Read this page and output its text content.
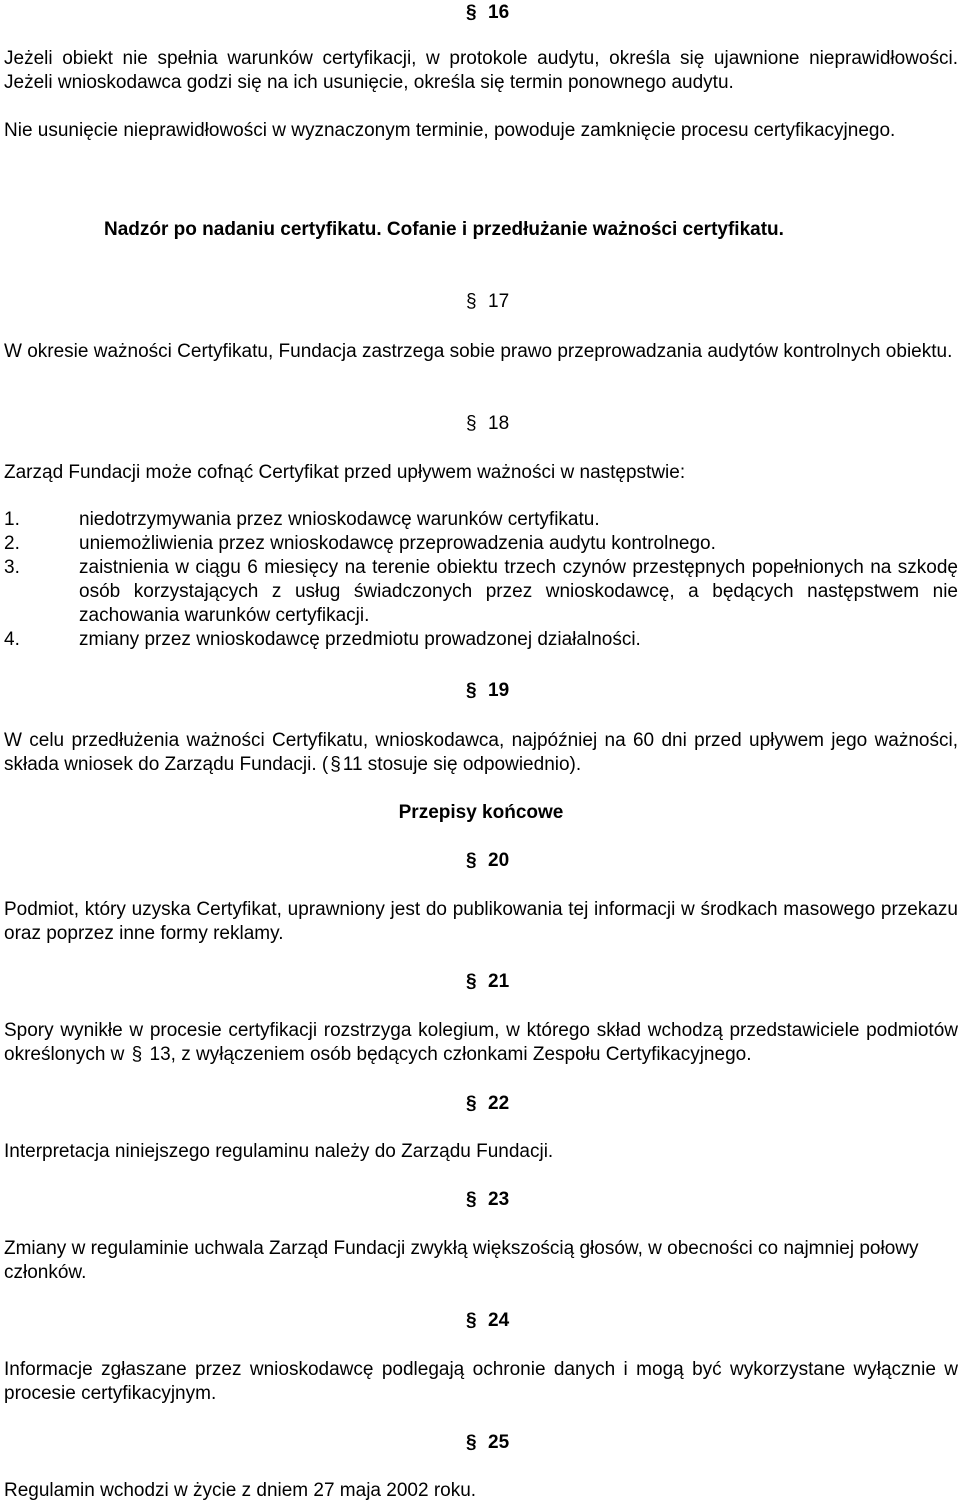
§ 16
Jeżeli obiekt nie spełnia warunków certyfikacji, w protokole audytu, określa się ujawnione nieprawidłowości. Jeżeli wnioskodawca godzi się na ich usunięcie, określa się termin ponownego audytu.
Nie usunięcie nieprawidłowości w wyznaczonym terminie, powoduje zamknięcie procesu certyfikacyjnego.
Nadzór po nadaniu certyfikatu. Cofanie i przedłużanie ważności certyfikatu.
§ 17
W okresie ważności Certyfikatu, Fundacja zastrzega sobie prawo przeprowadzania audytów kontrolnych obiektu.
§ 18
Zarząd Fundacji może cofnąć Certyfikat przed upływem ważności w następstwie:
1.	niedotrzymywania przez wnioskodawcę warunków certyfikatu.
2.	uniemożliwienia przez wnioskodawcę przeprowadzenia audytu kontrolnego.
3.	zaistnienia w ciągu 6 miesięcy na terenie obiektu trzech czynów przestępnych popełnionych na szkodę osób korzystających z usług świadczonych przez wnioskodawcę, a będących następstwem nie zachowania warunków certyfikacji.
4.	zmiany przez wnioskodawcę przedmiotu prowadzonej działalności.
§ 19
W celu przedłużenia ważności Certyfikatu, wnioskodawca, najpóźniej na 60 dni przed upływem jego ważności, składa wniosek do Zarządu Fundacji. ( § 11 stosuje się odpowiednio).
Przepisy końcowe
§ 20
Podmiot, który uzyska Certyfikat, uprawniony jest do publikowania tej informacji w środkach masowego przekazu oraz poprzez inne formy reklamy.
§ 21
Spory wynikłe w procesie certyfikacji rozstrzyga kolegium, w którego skład wchodzą przedstawiciele podmiotów określonych w § 13, z wyłączeniem osób będących członkami Zespołu Certyfikacyjnego.
§ 22
Interpretacja niniejszego regulaminu należy do Zarządu Fundacji.
§ 23
Zmiany w regulaminie uchwala Zarząd Fundacji zwykłą większością głosów, w obecności co najmniej połowy członków.
§ 24
Informacje zgłaszane przez wnioskodawcę podlegają ochronie danych i mogą być wykorzystane wyłącznie w procesie certyfikacyjnym.
§ 25
Regulamin wchodzi w życie z dniem 27 maja 2002 roku.
